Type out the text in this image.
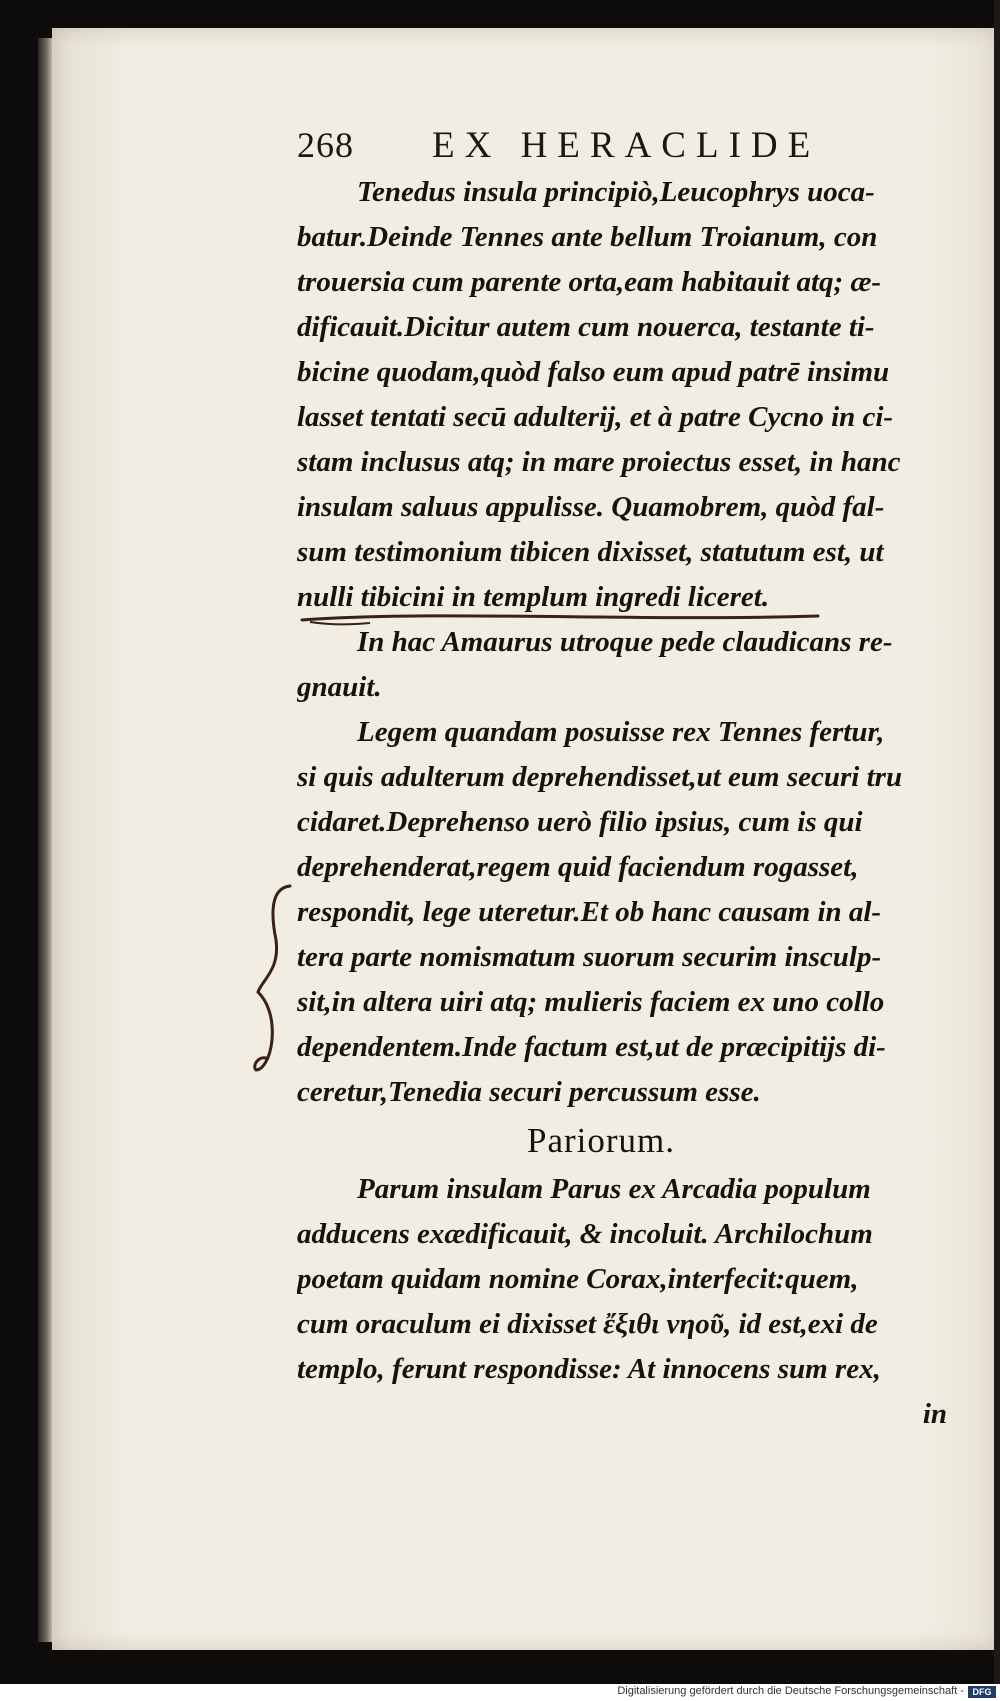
268 EX HERACLIDE
Tenedus insula principiò,Leucophrys uoca-
batur.Deinde Tennes ante bellum Troianum, con
trouersia cum parente orta,eam habitauit atq; æ-
dificauit.Dicitur autem cum nouerca, testante ti-
bicine quodam,quòd falso eum apud patrē insimu
lasset tentati secū adulterij, et à patre Cycno in ci-
stam inclusus atq; in mare proiectus esset, in hanc
insulam saluus appulisse. Quamobrem, quòd fal-
sum testimonium tibicen dixisset, statutum est, ut
nulli tibicini in templum ingredi liceret.
In hac Amaurus utroque pede claudicans re-
gnauit.
Legem quandam posuisse rex Tennes fertur,
si quis adulterum deprehendisset,ut eum securi tru
cidaret.Deprehenso uerò filio ipsius, cum is qui
deprehenderat,regem quid faciendum rogasset,
respondit, lege uteretur.Et ob hanc causam in al-
tera parte nomismatum suorum securim insculp-
sit,in altera uiri atq; mulieris faciem ex uno collo
dependentem.Inde factum est,ut de præcipitijs di-
ceretur,Tenedia securi percussum esse.
Pariorum.
Parum insulam Parus ex Arcadia populum
adducens exædificauit, & incoluit. Archilochum
poetam quidam nomine Corax,interfecit:quem,
cum oraculum ei dixisset ἔξιθι νηοῦ, id est,exi de
templo, ferunt respondisse: At innocens sum rex,
in
Digitalisierung gefördert durch die Deutsche Forschungsgemeinschaft - DFG
